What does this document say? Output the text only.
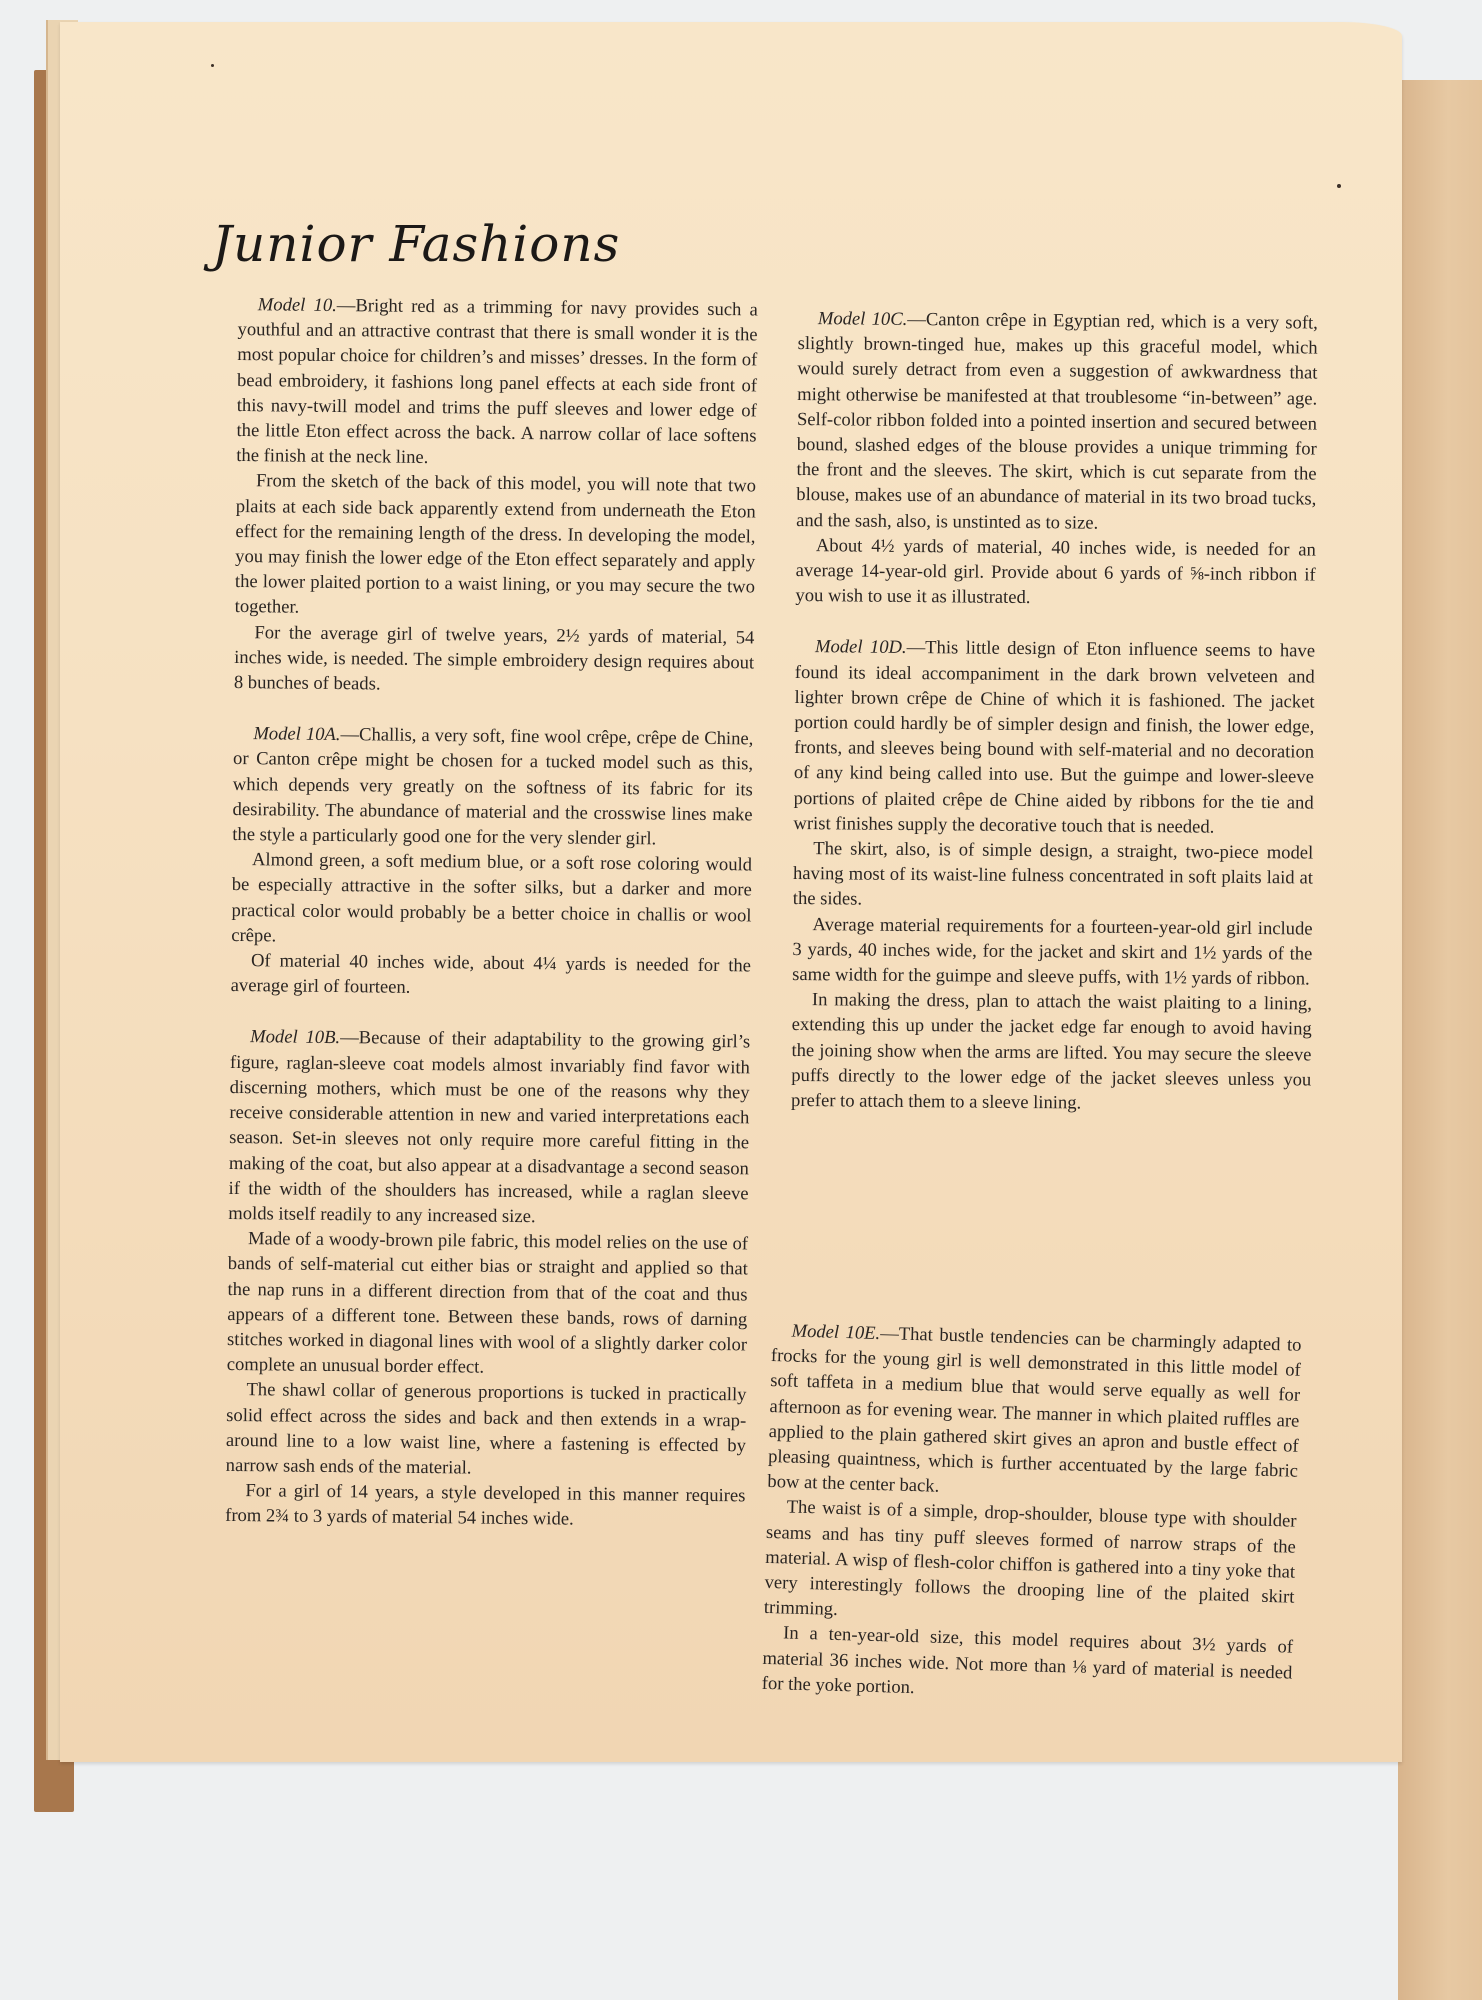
Junior Fashions

Model 10.—Bright red as a trimming for navy provides such a youthful and an attractive contrast that there is small wonder it is the most popular choice for children’s and misses’ dresses. In the form of bead embroidery, it fashions long panel effects at each side front of this navy-twill model and trims the puff sleeves and lower edge of the little Eton effect across the back. A narrow collar of lace softens the finish at the neck line.

From the sketch of the back of this model, you will note that two plaits at each side back apparently extend from underneath the Eton effect for the remaining length of the dress. In developing the model, you may finish the lower edge of the Eton effect separately and apply the lower plaited portion to a waist lining, or you may secure the two together.

For the average girl of twelve years, 2½ yards of material, 54 inches wide, is needed. The simple embroidery design requires about 8 bunches of beads.

Model 10A.—Challis, a very soft, fine wool crêpe, crêpe de Chine, or Canton crêpe might be chosen for a tucked model such as this, which depends very greatly on the softness of its fabric for its desirability. The abundance of material and the crosswise lines make the style a particularly good one for the very slender girl.

Almond green, a soft medium blue, or a soft rose coloring would be especially attractive in the softer silks, but a darker and more practical color would probably be a better choice in challis or wool crêpe.

Of material 40 inches wide, about 4¼ yards is needed for the average girl of fourteen.

Model 10B.—Because of their adaptability to the growing girl’s figure, raglan-sleeve coat models almost invariably find favor with discerning mothers, which must be one of the reasons why they receive considerable attention in new and varied interpretations each season. Set-in sleeves not only require more careful fitting in the making of the coat, but also appear at a disadvantage a second season if the width of the shoulders has increased, while a raglan sleeve molds itself readily to any increased size.

Made of a woody-brown pile fabric, this model relies on the use of bands of self-material cut either bias or straight and applied so that the nap runs in a different direction from that of the coat and thus appears of a different tone. Between these bands, rows of darning stitches worked in diagonal lines with wool of a slightly darker color complete an unusual border effect.

The shawl collar of generous proportions is tucked in practically solid effect across the sides and back and then extends in a wrap-around line to a low waist line, where a fastening is effected by narrow sash ends of the material.

For a girl of 14 years, a style developed in this manner requires from 2¾ to 3 yards of material 54 inches wide.

Model 10C.—Canton crêpe in Egyptian red, which is a very soft, slightly brown-tinged hue, makes up this graceful model, which would surely detract from even a suggestion of awkwardness that might otherwise be manifested at that troublesome “in-between” age. Self-color ribbon folded into a pointed insertion and secured between bound, slashed edges of the blouse provides a unique trimming for the front and the sleeves. The skirt, which is cut separate from the blouse, makes use of an abundance of material in its two broad tucks, and the sash, also, is unstinted as to size.

About 4½ yards of material, 40 inches wide, is needed for an average 14-year-old girl. Provide about 6 yards of ⅝-inch ribbon if you wish to use it as illustrated.

Model 10D.—This little design of Eton influence seems to have found its ideal accompaniment in the dark brown velveteen and lighter brown crêpe de Chine of which it is fashioned. The jacket portion could hardly be of simpler design and finish, the lower edge, fronts, and sleeves being bound with self-material and no decoration of any kind being called into use. But the guimpe and lower-sleeve portions of plaited crêpe de Chine aided by ribbons for the tie and wrist finishes supply the decorative touch that is needed.

The skirt, also, is of simple design, a straight, two-piece model having most of its waist-line fulness concentrated in soft plaits laid at the sides.

Average material requirements for a fourteen-year-old girl include 3 yards, 40 inches wide, for the jacket and skirt and 1½ yards of the same width for the guimpe and sleeve puffs, with 1½ yards of ribbon.

In making the dress, plan to attach the waist plaiting to a lining, extending this up under the jacket edge far enough to avoid having the joining show when the arms are lifted. You may secure the sleeve puffs directly to the lower edge of the jacket sleeves unless you prefer to attach them to a sleeve lining.

Model 10E.—That bustle tendencies can be charmingly adapted to frocks for the young girl is well demonstrated in this little model of soft taffeta in a medium blue that would serve equally as well for afternoon as for evening wear. The manner in which plaited ruffles are applied to the plain gathered skirt gives an apron and bustle effect of pleasing quaintness, which is further accentuated by the large fabric bow at the center back.

The waist is of a simple, drop-shoulder, blouse type with shoulder seams and has tiny puff sleeves formed of narrow straps of the material. A wisp of flesh-color chiffon is gathered into a tiny yoke that very interestingly follows the drooping line of the plaited skirt trimming.

In a ten-year-old size, this model requires about 3½ yards of material 36 inches wide. Not more than ⅛ yard of material is needed for the yoke portion.
